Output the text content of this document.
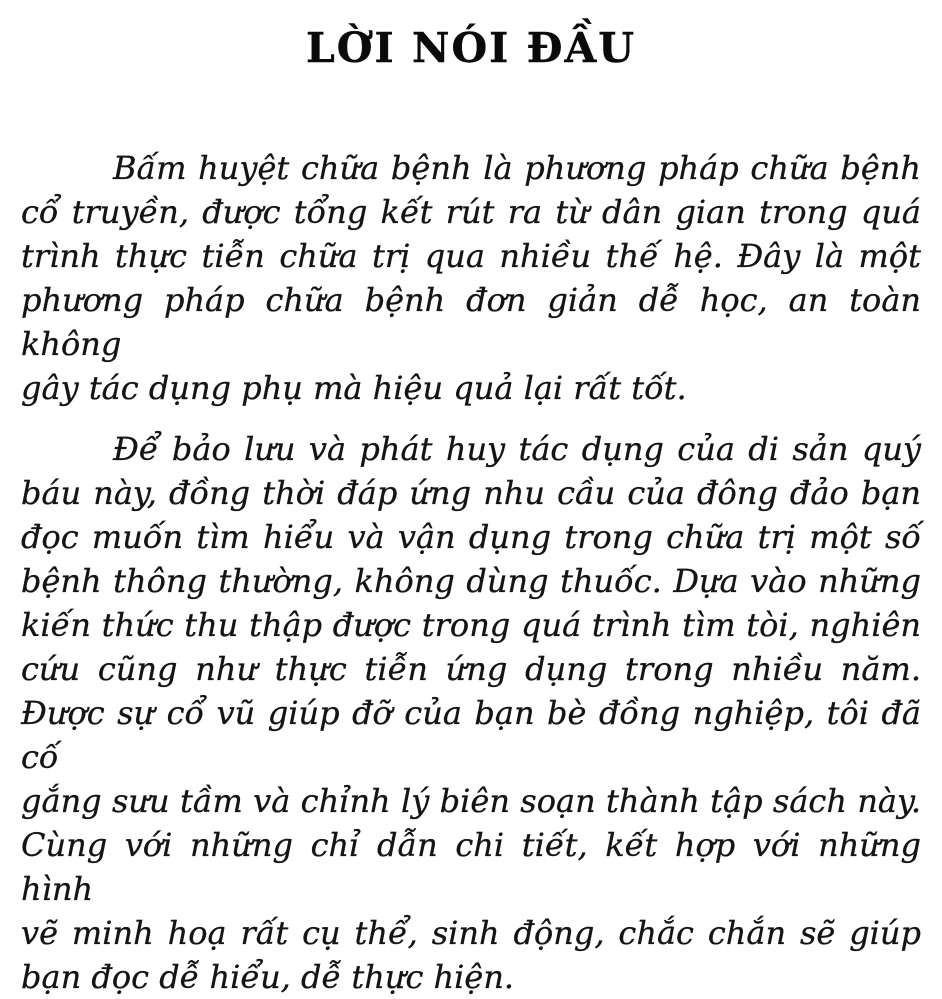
LỜI NÓI ĐẦU

Bấm huyệt chữa bệnh là phương pháp chữa bệnh
cổ truyền, được tổng kết rút ra từ dân gian trong quá
trình thực tiễn chữa trị qua nhiều thế hệ. Đây là một
phương pháp chữa bệnh đơn giản dễ học, an toàn không
gây tác dụng phụ mà hiệu quả lại rất tốt.

Để bảo lưu và phát huy tác dụng của di sản quý
báu này, đồng thời đáp ứng nhu cầu của đông đảo bạn
đọc muốn tìm hiểu và vận dụng trong chữa trị một số
bệnh thông thường, không dùng thuốc. Dựa vào những
kiến thức thu thập được trong quá trình tìm tòi, nghiên
cứu cũng như thực tiễn ứng dụng trong nhiều năm.
Được sự cổ vũ giúp đỡ của bạn bè đồng nghiệp, tôi đã cố
gắng sưu tầm và chỉnh lý biên soạn thành tập sách này.
Cùng với những chỉ dẫn chi tiết, kết hợp với những hình
vẽ minh hoạ rất cụ thể, sinh động, chắc chắn sẽ giúp
bạn đọc dễ hiểu, dễ thực hiện.
